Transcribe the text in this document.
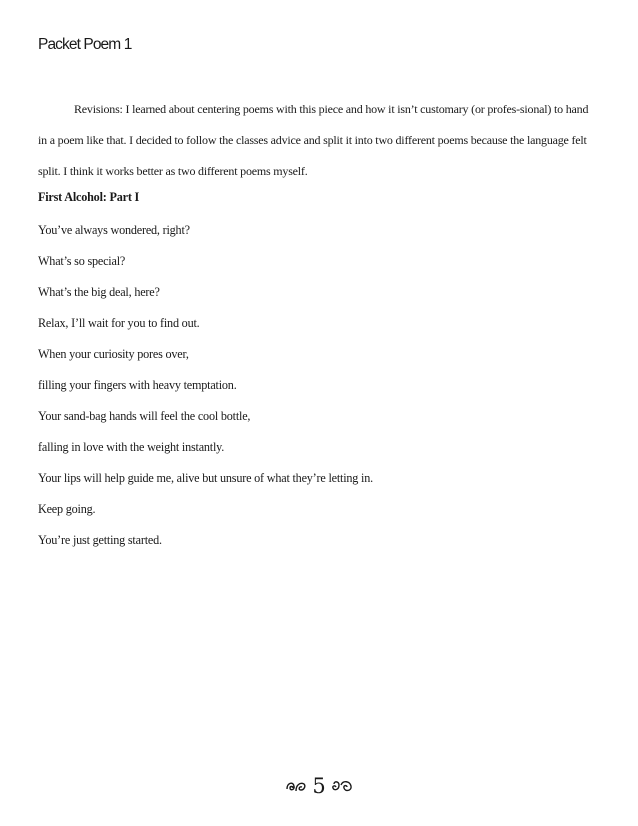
Packet Poem 1

Revisions: I learned about centering poems with this piece and how it isn’t customary (or profes-sional) to hand in a poem like that. I decided to follow the classes advice and split it into two different poems because the language felt split. I think it works better as two different poems myself.

First Alcohol: Part I

You’ve always wondered, right?
What’s so special?
What’s the big deal, here?
Relax, I’ll wait for you to find out.
When your curiosity pores over,
filling your fingers with heavy temptation.
Your sand-bag hands will feel the cool bottle,
falling in love with the weight instantly.
Your lips will help guide me, alive but unsure of what they’re letting in.
Keep going.
You’re just getting started.
5
